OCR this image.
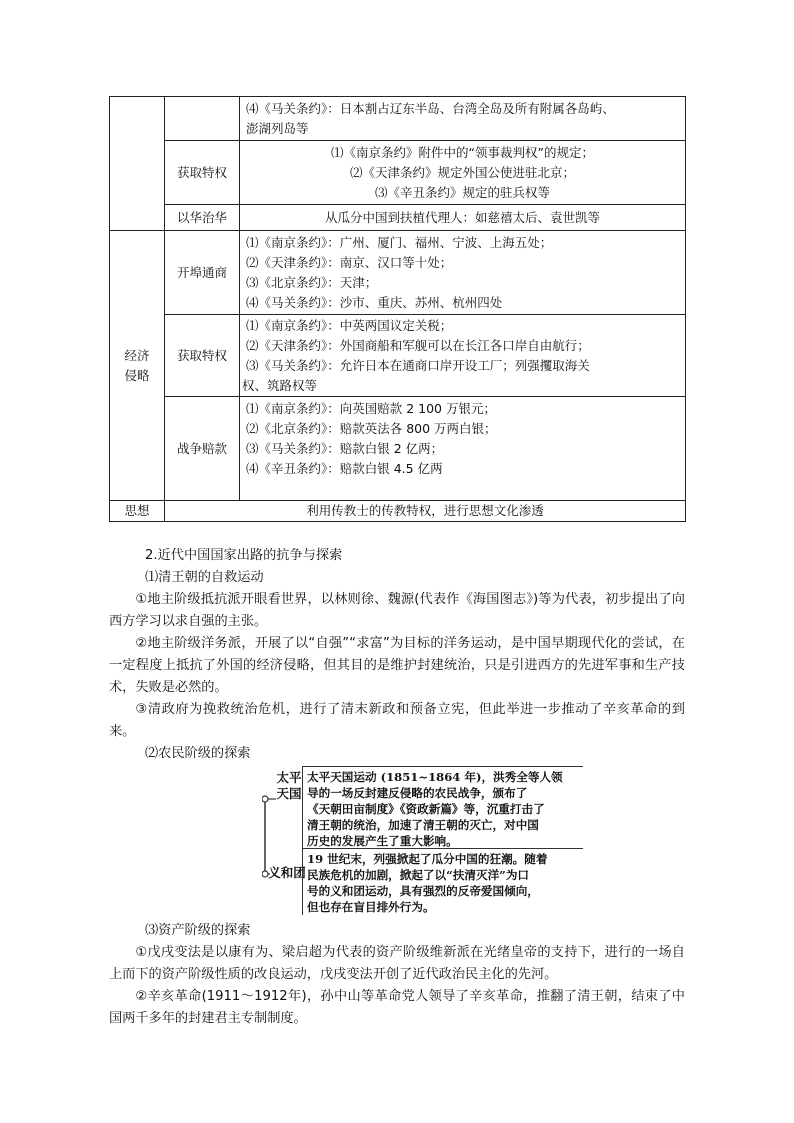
		⑷《马关条约》：日本割占辽东半岛、台湾全岛及所有附属各岛屿、
澎湖列岛等

	获取特权	⑴《南京条约》附件中的“领事裁判权”的规定；
⑵《天津条约》规定外国公使进驻北京；
⑶《辛丑条约》规定的驻兵权等

	以华治华	从瓜分中国到扶植代理人：如慈禧太后、袁世凯等

经济
侵略	开埠通商	⑴《南京条约》：广州、厦门、福州、宁波、上海五处；
⑵《天津条约》：南京、汉口等十处；
⑶《北京条约》：天津；
⑷《马关条约》：沙市、重庆、苏州、杭州四处

	获取特权	⑴《南京条约》：中英两国议定关税；
⑵《天津条约》：外国商船和军舰可以在长江各口岸自由航行；
⑶《马关条约》：允许日本在通商口岸开设工厂；列强攫取海关
权、筑路权等

	战争赔款	⑴《南京条约》：向英国赔款 2 100 万银元；
⑵《北京条约》：赔款英法各 800 万两白银；
⑶《马关条约》：赔款白银 2 亿两；
⑷《辛丑条约》：赔款白银 4.5 亿两

思想	利用传教士的传教特权，进行思想文化渗透	

2.近代中国国家出路的抗争与探索

⑴清王朝的自救运动

①地主阶级抵抗派开眼看世界，以林则徐、魏源(代表作《海国图志》)等为代表，初步提出了向西方学习以求自强的主张。

②地主阶级洋务派，开展了以“自强”“求富”为目标的洋务运动，是中国早期现代化的尝试，在一定程度上抵抗了外国的经济侵略，但其目的是维护封建统治，只是引进西方的先进军事和生产技术，失败是必然的。

③清政府为挽救统治危机，进行了清末新政和预备立宪，但此举进一步推动了辛亥革命的到来。

⑵农民阶级的探索

太平
天国
太平天国运动 (1851~1864 年)，洪秀全等人领
导的一场反封建反侵略的农民战争，颁布了
《天朝田亩制度》《资政新篇》等，沉重打击了
清王朝的统治，加速了清王朝的灭亡，对中国
历史的发展产生了重大影响。
义和团
19 世纪末，列强掀起了瓜分中国的狂潮。随着
民族危机的加剧，掀起了以“扶清灭洋”为口
号的义和团运动，具有强烈的反帝爱国倾向，
但也存在盲目排外行为。

⑶资产阶级的探索

①戊戌变法是以康有为、梁启超为代表的资产阶级维新派在光绪皇帝的支持下，进行的一场自上而下的资产阶级性质的改良运动，戊戌变法开创了近代政治民主化的先河。

②辛亥革命(1911～1912年)，孙中山等革命党人领导了辛亥革命，推翻了清王朝，结束了中国两千多年的封建君主专制制度。
